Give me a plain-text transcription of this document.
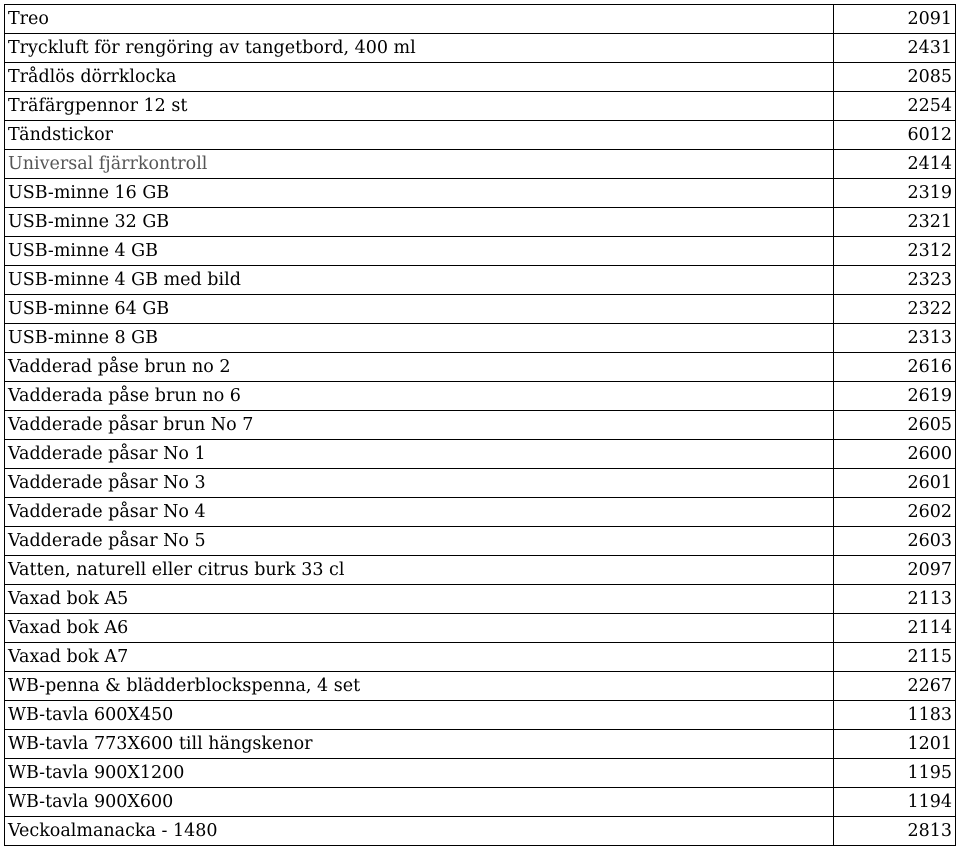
Treo	2091
Tryckluft för rengöring av tangetbord, 400 ml	2431
Trådlös dörrklocka	2085
Träfärgpennor 12 st	2254
Tändstickor	6012
Universal fjärrkontroll	2414
USB-minne 16 GB	2319
USB-minne 32 GB	2321
USB-minne 4 GB	2312
USB-minne 4 GB med bild	2323
USB-minne 64 GB	2322
USB-minne 8 GB	2313
Vadderad påse brun no 2	2616
Vadderada påse brun no 6	2619
Vadderade påsar brun No 7	2605
Vadderade påsar No 1	2600
Vadderade påsar No 3	2601
Vadderade påsar No 4	2602
Vadderade påsar No 5	2603
Vatten, naturell eller citrus burk 33 cl	2097
Vaxad bok A5	2113
Vaxad bok A6	2114
Vaxad bok A7	2115
WB-penna & blädderblockspenna, 4 set	2267
WB-tavla 600X450	1183
WB-tavla 773X600 till hängskenor	1201
WB-tavla 900X1200	1195
WB-tavla 900X600	1194
Veckoalmanacka - 1480	2813
